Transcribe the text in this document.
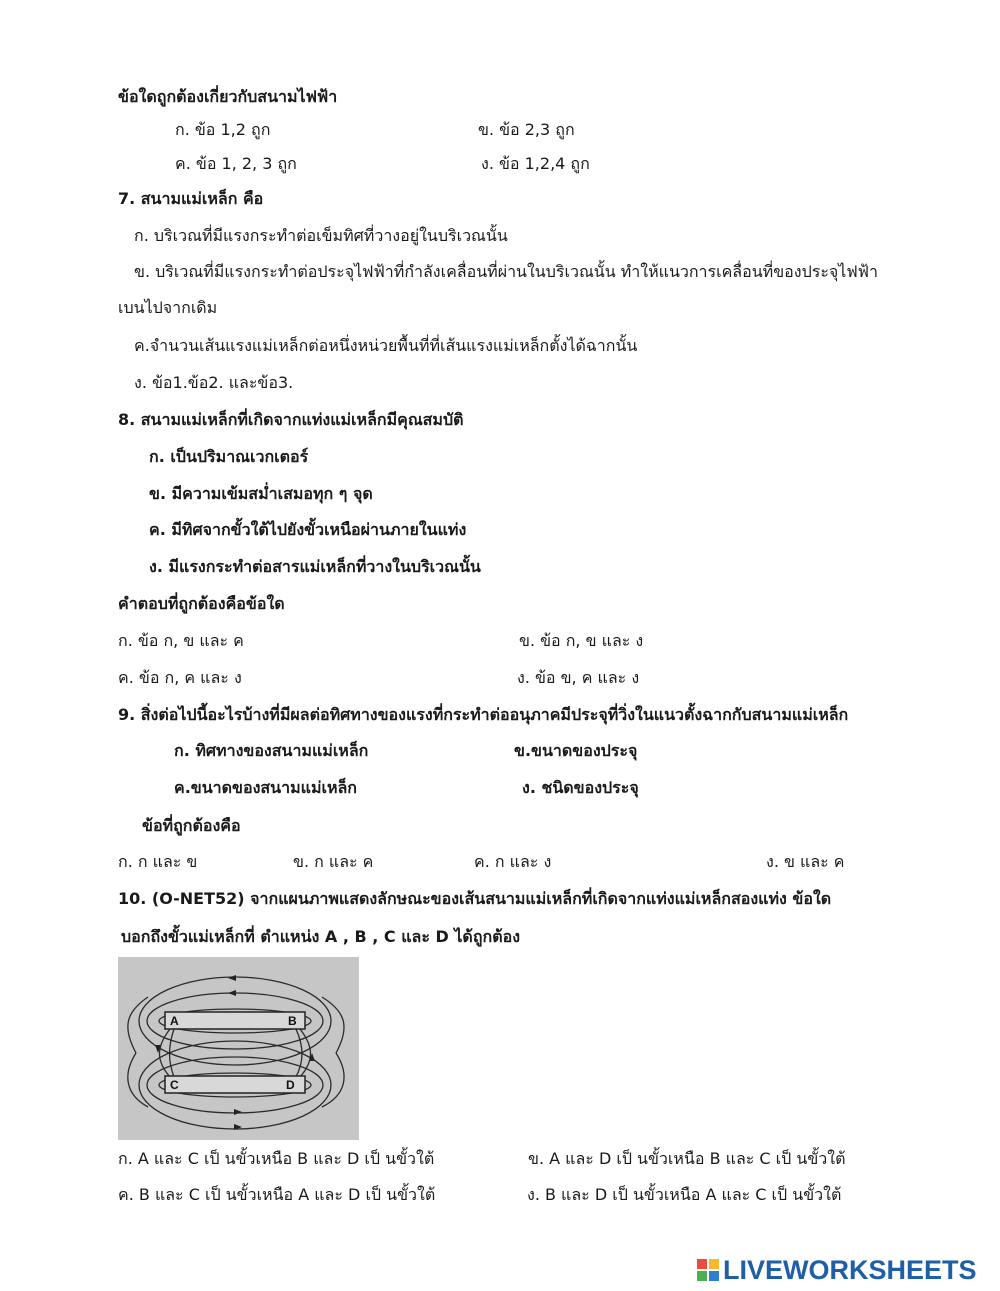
ข้อใดถูกต้องเกี่ยวกับสนามไฟฟ้า
ก. ข้อ 1,2 ถูก	ข. ข้อ 2,3 ถูก
ค. ข้อ 1, 2, 3 ถูก	ง. ข้อ 1,2,4 ถูก
7. สนามแม่เหล็ก คือ
ก. บริเวณที่มีแรงกระทำต่อเข็มทิศที่วางอยู่ในบริเวณนั้น
ข. บริเวณที่มีแรงกระทำต่อประจุไฟฟ้าที่กำลังเคลื่อนที่ผ่านในบริเวณนั้น ทำให้แนวการเคลื่อนที่ของประจุไฟฟ้า
เบนไปจากเดิม
ค.จำนวนเส้นแรงแม่เหล็กต่อหนึ่งหน่วยพื้นที่ที่เส้นแรงแม่เหล็กตั้งได้ฉากนั้น
ง. ข้อ1.ข้อ2. และข้อ3.
8. สนามแม่เหล็กที่เกิดจากแท่งแม่เหล็กมีคุณสมบัติ
ก. เป็นปริมาณเวกเตอร์
ข. มีความเข้มสม่ำเสมอทุก ๆ จุด
ค. มีทิศจากขั้วใต้ไปยังขั้วเหนือผ่านภายในแท่ง
ง. มีแรงกระทำต่อสารแม่เหล็กที่วางในบริเวณนั้น
คำตอบที่ถูกต้องคือข้อใด
ก. ข้อ ก, ข และ ค	ข. ข้อ ก, ข และ ง
ค. ข้อ ก, ค และ ง	ง. ข้อ ข, ค และ ง
9. สิ่งต่อไปนี้อะไรบ้างที่มีผลต่อทิศทางของแรงที่กระทำต่ออนุภาคมีประจุที่วิ่งในแนวตั้งฉากกับสนามแม่เหล็ก
ก. ทิศทางของสนามแม่เหล็ก	ข.ขนาดของประจุ
ค.ขนาดของสนามแม่เหล็ก	ง. ชนิดของประจุ
ข้อที่ถูกต้องคือ
ก. ก และ ข	ข. ก และ ค	ค. ก และ ง	ง. ข และ ค
10. (O-NET52) จากแผนภาพแสดงลักษณะของเส้นสนามแม่เหล็กที่เกิดจากแท่งแม่เหล็กสองแท่ง ข้อใด
บอกถึงขั้วแม่เหล็กที่ ตำแหน่ง A , B , C และ D ได้ถูกต้อง
A	B
C	D
ก. A และ C เป็ นขั้วเหนือ B และ D เป็ นขั้วใต้	ข. A และ D เป็ นขั้วเหนือ B และ C เป็ นขั้วใต้
ค. B และ C เป็ นขั้วเหนือ A และ D เป็ นขั้วใต้	ง. B และ D เป็ นขั้วเหนือ A และ C เป็ นขั้วใต้
LIVEWORKSHEETS
